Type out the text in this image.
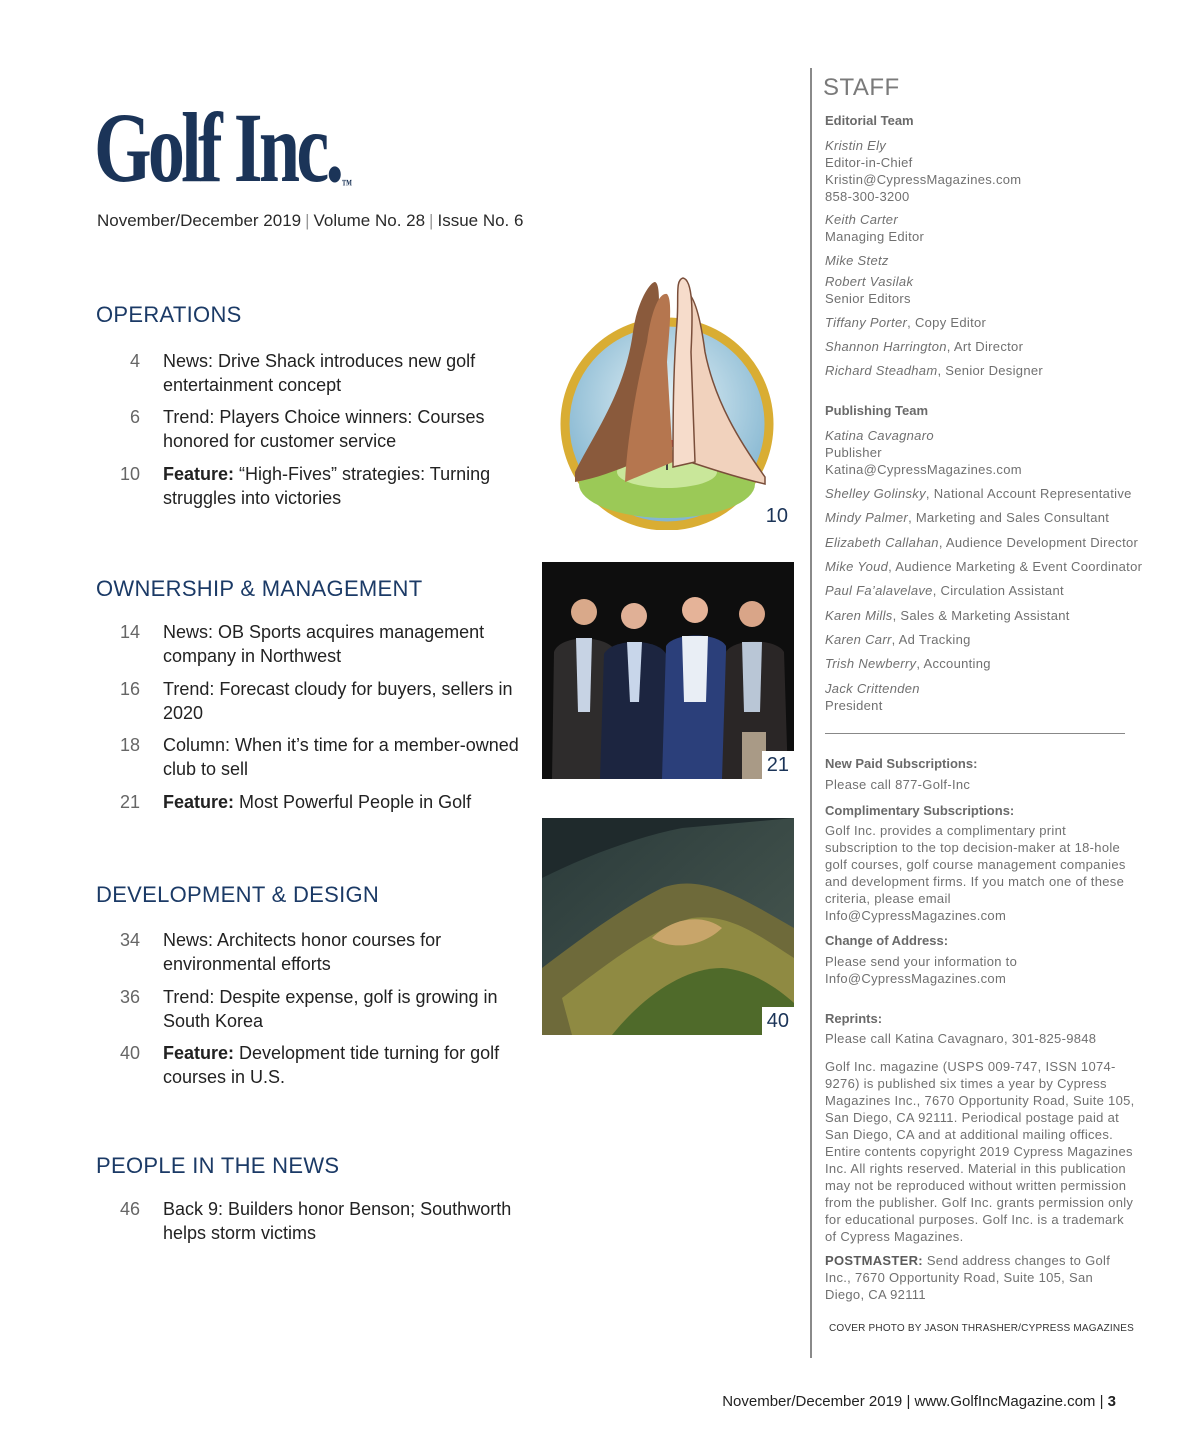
Golf Inc.™
November/December 2019 | Volume No. 28 | Issue No. 6
OPERATIONS
4 News: Drive Shack introduces new golf entertainment concept
6 Trend: Players Choice winners: Courses honored for customer service
10 Feature: “High-Fives” strategies: Turning struggles into victories
OWNERSHIP & MANAGEMENT
14 News: OB Sports acquires management company in Northwest
16 Trend: Forecast cloudy for buyers, sellers in 2020
18 Column: When it’s time for a member-owned club to sell
21 Feature: Most Powerful People in Golf
DEVELOPMENT & DESIGN
34 News: Architects honor courses for environmental efforts
36 Trend: Despite expense, golf is growing in South Korea
40 Feature: Development tide turning for golf courses in U.S.
PEOPLE IN THE NEWS
46 Back 9: Builders honor Benson; Southworth helps storm victims
10
21
40
STAFF
Editorial Team
Kristin Ely
Editor-in-Chief
Kristin@CypressMagazines.com
858-300-3200
Keith Carter
Managing Editor
Mike Stetz
Robert Vasilak
Senior Editors
Tiffany Porter, Copy Editor
Shannon Harrington, Art Director
Richard Steadham, Senior Designer
Publishing Team
Katina Cavagnaro
Publisher
Katina@CypressMagazines.com
Shelley Golinsky, National Account Representative
Mindy Palmer, Marketing and Sales Consultant
Elizabeth Callahan, Audience Development Director
Mike Youd, Audience Marketing & Event Coordinator
Paul Fa’alavelave, Circulation Assistant
Karen Mills, Sales & Marketing Assistant
Karen Carr, Ad Tracking
Trish Newberry, Accounting
Jack Crittenden
President
New Paid Subscriptions:
Please call 877-Golf-Inc
Complimentary Subscriptions:
Golf Inc. provides a complimentary print subscription to the top decision-maker at 18-hole golf courses, golf course management companies and development firms. If you match one of these criteria, please email Info@CypressMagazines.com
Change of Address:
Please send your information to Info@CypressMagazines.com
Reprints:
Please call Katina Cavagnaro, 301-825-9848
Golf Inc. magazine (USPS 009-747, ISSN 1074-9276) is published six times a year by Cypress Magazines Inc., 7670 Opportunity Road, Suite 105, San Diego, CA 92111. Periodical postage paid at San Diego, CA and at additional mailing offices. Entire contents copyright 2019 Cypress Magazines Inc. All rights reserved. Material in this publication may not be reproduced without written permission from the publisher. Golf Inc. grants permission only for educational purposes. Golf Inc. is a trademark of Cypress Magazines.
POSTMASTER: Send address changes to Golf Inc., 7670 Opportunity Road, Suite 105, San Diego, CA 92111
COVER PHOTO BY JASON THRASHER/CYPRESS MAGAZINES
November/December 2019 | www.GolfIncMagazine.com | 3
